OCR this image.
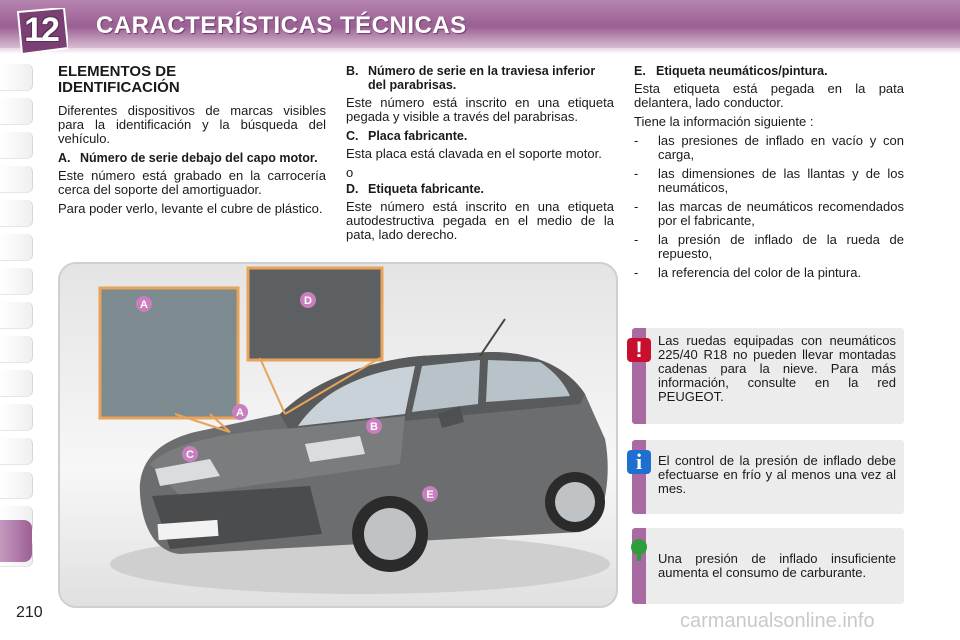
12	CARACTERÍSTICAS TÉCNICAS
210
ELEMENTOS DE
IDENTIFICACIÓN

Diferentes dispositivos de marcas visibles para la identificación y la búsqueda del vehículo.

A. Número de serie debajo del capo motor.

Este número está grabado en la carrocería cerca del soporte del amortiguador.

Para poder verlo, levante el cubre de plástico.

B. Número de serie en la traviesa inferior del parabrisas.

Este número está inscrito en una etiqueta pegada y visible a través del parabrisas.

C. Placa fabricante.

Esta placa está clavada en el soporte motor.

o

D. Etiqueta fabricante.

Este número está inscrito en una etiqueta autodestructiva pegada en el medio de la pata, lado derecho.

E. Etiqueta neumáticos/pintura.

Esta etiqueta está pegada en la pata delantera, lado conductor.

Tiene la información siguiente :

- las presiones de inflado en vacío y con carga,
- las dimensiones de las llantas y de los neumáticos,
- las marcas de neumáticos recomendados por el fabricante,
- la presión de inflado de la rueda de repuesto,
- la referencia del color de la pintura.
A	D
A
B
C
E
!	Las ruedas equipadas con neumáticos 225/40 R18 no pueden llevar montadas cadenas para la nieve. Para más información, consulte en la red PEUGEOT.
i	El control de la presión de inflado debe efectuarse en frío y al menos una vez al mes.
Una presión de inflado insuficiente aumenta el consumo de carburante.
carmanualsonline.info
